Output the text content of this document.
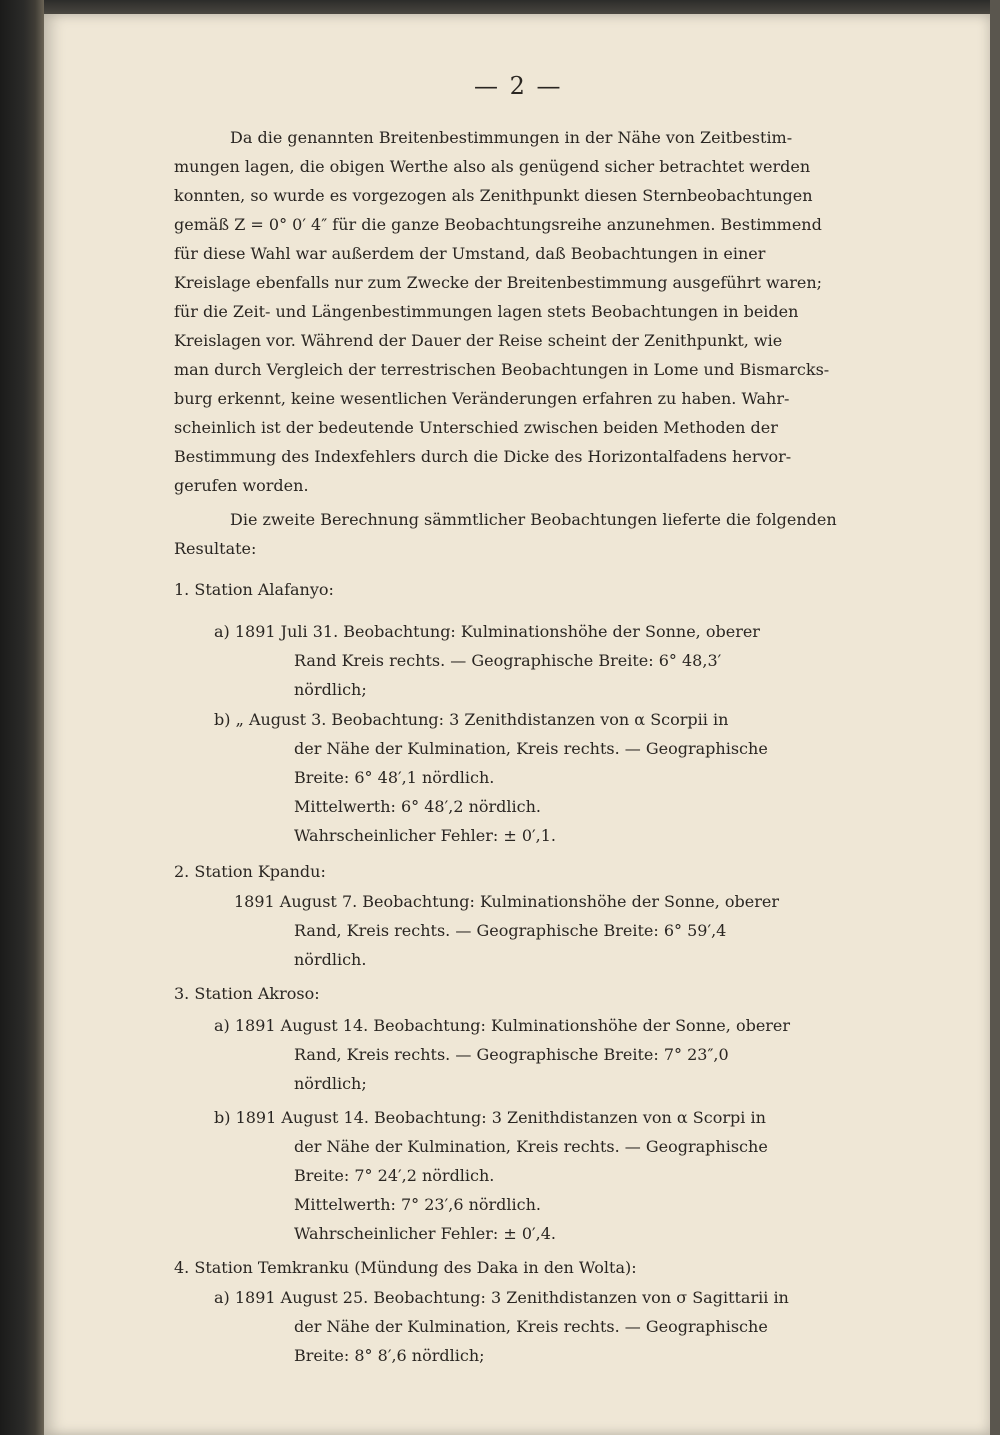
— 2 —
Da die genannten Breitenbestimmungen in der Nähe von Zeitbestim-
mungen lagen, die obigen Werthe also als genügend sicher betrachtet werden
konnten, so wurde es vorgezogen als Zenithpunkt diesen Sternbeobachtungen
gemäß Z = 0° 0′ 4″ für die ganze Beobachtungsreihe anzunehmen. Bestimmend
für diese Wahl war außerdem der Umstand, daß Beobachtungen in einer
Kreislage ebenfalls nur zum Zwecke der Breitenbestimmung ausgeführt waren;
für die Zeit- und Längenbestimmungen lagen stets Beobachtungen in beiden
Kreislagen vor. Während der Dauer der Reise scheint der Zenithpunkt, wie
man durch Vergleich der terrestrischen Beobachtungen in Lome und Bismarcks-
burg erkennt, keine wesentlichen Veränderungen erfahren zu haben. Wahr-
scheinlich ist der bedeutende Unterschied zwischen beiden Methoden der
Bestimmung des Indexfehlers durch die Dicke des Horizontalfadens hervor-
gerufen worden.
Die zweite Berechnung sämmtlicher Beobachtungen lieferte die folgenden
Resultate:
1. Station Alafanyo:
a) 1891 Juli 31. Beobachtung: Kulminationshöhe der Sonne, oberer
Rand Kreis rechts. — Geographische Breite: 6° 48,3′
nördlich;
b) „ August 3. Beobachtung: 3 Zenithdistanzen von α Scorpii in
der Nähe der Kulmination, Kreis rechts. — Geographische
Breite: 6° 48′,1 nördlich.
Mittelwerth: 6° 48′,2 nördlich.
Wahrscheinlicher Fehler: ± 0′,1.
2. Station Kpandu:
1891 August 7. Beobachtung: Kulminationshöhe der Sonne, oberer
Rand, Kreis rechts. — Geographische Breite: 6° 59′,4
nördlich.
3. Station Akroso:
a) 1891 August 14. Beobachtung: Kulminationshöhe der Sonne, oberer
Rand, Kreis rechts. — Geographische Breite: 7° 23″,0
nördlich;
b) 1891 August 14. Beobachtung: 3 Zenithdistanzen von α Scorpi in
der Nähe der Kulmination, Kreis rechts. — Geographische
Breite: 7° 24′,2 nördlich.
Mittelwerth: 7° 23′,6 nördlich.
Wahrscheinlicher Fehler: ± 0′,4.
4. Station Temkranku (Mündung des Daka in den Wolta):
a) 1891 August 25. Beobachtung: 3 Zenithdistanzen von σ Sagittarii in
der Nähe der Kulmination, Kreis rechts. — Geographische
Breite: 8° 8′,6 nördlich;
